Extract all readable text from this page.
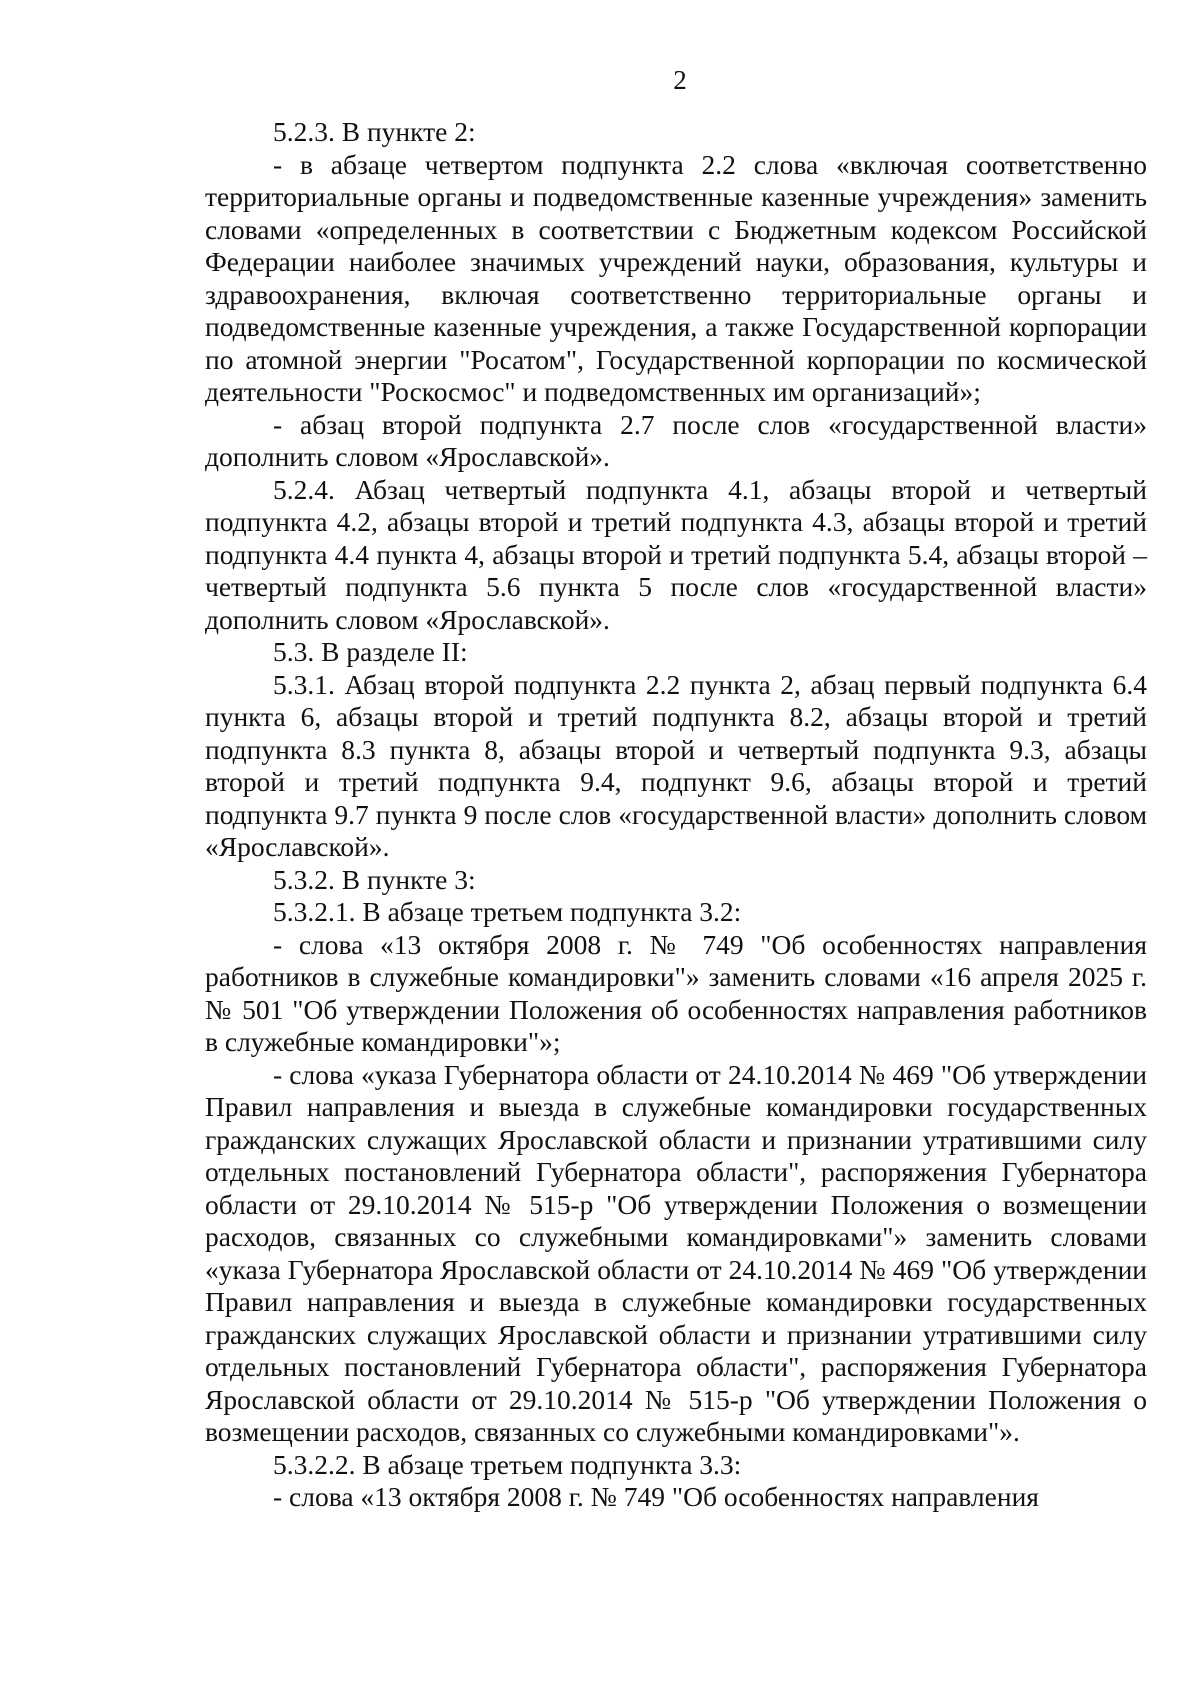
2

5.2.3. В пункте 2:

- в абзаце четвертом подпункта 2.2 слова «включая соответственно территориальные органы и подведомственные казенные учреждения» заменить словами «определенных в соответствии с Бюджетным кодексом Российской Федерации наиболее значимых учреждений науки, образования, культуры и здравоохранения, включая соответственно территориальные органы и подведомственные казенные учреждения, а также Государственной корпорации по атомной энергии "Росатом", Государственной корпорации по космической деятельности "Роскосмос" и подведомственных им организаций»;

- абзац второй подпункта 2.7 после слов «государственной власти» дополнить словом «Ярославской».

5.2.4. Абзац четвертый подпункта 4.1, абзацы второй и четвертый подпункта 4.2, абзацы второй и третий подпункта 4.3, абзацы второй и третий подпункта 4.4 пункта 4, абзацы второй и третий подпункта 5.4, абзацы второй – четвертый подпункта 5.6 пункта 5 после слов «государственной власти» дополнить словом «Ярославской».

5.3. В разделе II:

5.3.1. Абзац второй подпункта 2.2 пункта 2, абзац первый подпункта 6.4 пункта 6, абзацы второй и третий подпункта 8.2, абзацы второй и третий подпункта 8.3 пункта 8, абзацы второй и четвертый подпункта 9.3, абзацы второй и третий подпункта 9.4, подпункт 9.6, абзацы второй и третий подпункта 9.7 пункта 9 после слов «государственной власти» дополнить словом «Ярославской».

5.3.2. В пункте 3:

5.3.2.1. В абзаце третьем подпункта 3.2:

- слова «13 октября 2008 г. № 749 "Об особенностях направления работников в служебные командировки"» заменить словами «16 апреля 2025 г. № 501 "Об утверждении Положения об особенностях направления работников в служебные командировки"»;

- слова «указа Губернатора области от 24.10.2014 № 469 "Об утверждении Правил направления и выезда в служебные командировки государственных гражданских служащих Ярославской области и признании утратившими силу отдельных постановлений Губернатора области", распоряжения Губернатора области от 29.10.2014 № 515-р "Об утверждении Положения о возмещении расходов, связанных со служебными командировками"» заменить словами «указа Губернатора Ярославской области от 24.10.2014 № 469 "Об утверждении Правил направления и выезда в служебные командировки государственных гражданских служащих Ярославской области и признании утратившими силу отдельных постановлений Губернатора области", распоряжения Губернатора Ярославской области от 29.10.2014 № 515-р "Об утверждении Положения о возмещении расходов, связанных со служебными командировками"».

5.3.2.2. В абзаце третьем подпункта 3.3:

- слова «13 октября 2008 г. № 749 "Об особенностях направления
